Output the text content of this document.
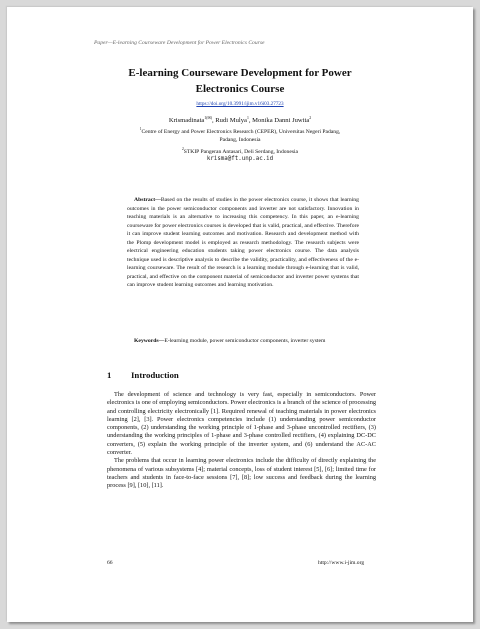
Paper—E-learning Courseware Development for Power Electronics Course
E-learning Courseware Development for Power
Electronics Course
https://doi.org/10.3991/ijim.v16i03.27723
Krismadinata$^{1(✉)}$, Rudi Mulya$^1$, Monika Danni Juwita$^2$
$^1$Centre of Energy and Power Electronics Research (CEPER), Universitas Negeri Padang,
Padang, Indonesia
$^2$STKIP Pangeran Antasari, Deli Serdang, Indonesia
krisma@ft.unp.ac.id
Abstract—Based on the results of studies in the power electronics course, it shows that learning outcomes in the power semiconductor components and inverter are not satisfactory. Innovation in teaching materials is an alternative to increasing this competency. In this paper, an e-learning courseware for power electronics courses is developed that is valid, practical, and effective. Therefore it can improve student learning outcomes and motivation. Research and development method with the Plomp development model is employed as research methodology. The research subjects were electrical engineering education students taking power electronics course. The data analysis technique used is descriptive analysis to describe the validity, practicality, and effectiveness of the e-learning courseware. The result of the research is a learning module through e-learning that is valid, practical, and effective on the component material of semiconductor and inverter power systems that can improve student learning outcomes and learning motivation.
Keywords—E-learning module, power semiconductor components, inverter system
1 Introduction

The development of science and technology is very fast, especially in semiconductors. Power electronics is one of employing semiconductors. Power electronics is a branch of the science of processing and controlling electricity electronically [1]. Required renewal of teaching materials in power electronics learning [2], [3]. Power electronics competencies include (1) understanding power semiconductor components, (2) understanding the working principle of 1-phase and 3-phase uncontrolled rectifiers, (3) understanding the working principles of 1-phase and 3-phase controlled rectifiers, (4) explaining DC-DC converters, (5) explain the working principle of the inverter system, and (6) understand the AC-AC converter.

The problems that occur in learning power electronics include the difficulty of directly explaining the phenomena of various subsystems [4]; material concepts, loss of student interest [5], [6]; limited time for teachers and students in face-to-face sessions [7], [8]; low success and feedback during the learning process [9], [10], [11].

66	http://www.i-jim.org
